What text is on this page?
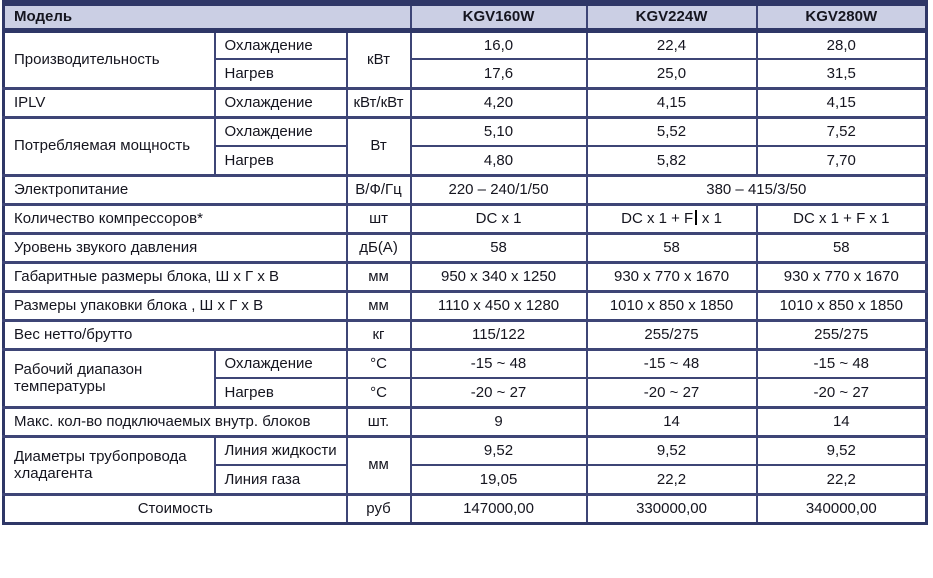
Модель			KGV160W	KGV224W	KGV280W
Производительность	Охлаждение	кВт	16,0	22,4	28,0
	Нагрев		17,6	25,0	31,5
IPLV	Охлаждение	кВт/кВт	4,20	4,15	4,15
Потребляемая мощность	Охлаждение	Вт	5,10	5,52	7,52
	Нагрев		4,80	5,82	7,70
Электропитание		В/Ф/Гц	220 – 240/1/50	380 – 415/3/50	
Количество компрессоров*		шт	DC x 1	DC x 1 + F x 1	DC x 1 + F x 1
Уровень звукого давления		дБ(А)	58	58	58
Габаритные размеры блока, Ш х Г х В		мм	950 x 340 x 1250	930 x 770 x 1670	930 x 770 x 1670
Размеры упаковки блока , Ш х Г х В		мм	1110 x 450 x 1280	1010 x 850 x 1850	1010 x 850 x 1850
Вес нетто/брутто		кг	115/122	255/275	255/275
Рабочий диапазон температуры	Охлаждение	°С	-15 ~ 48	-15 ~ 48	-15 ~ 48
	Нагрев	°С	-20 ~ 27	-20 ~ 27	-20 ~ 27
Макс. кол-во подключаемых внутр. блоков		шт.	9	14	14
Диаметры трубопровода хладагента	Линия жидкости	мм	9,52	9,52	9,52
	Линия газа		19,05	22,2	22,2
Стоимость		руб	147000,00	330000,00	340000,00
